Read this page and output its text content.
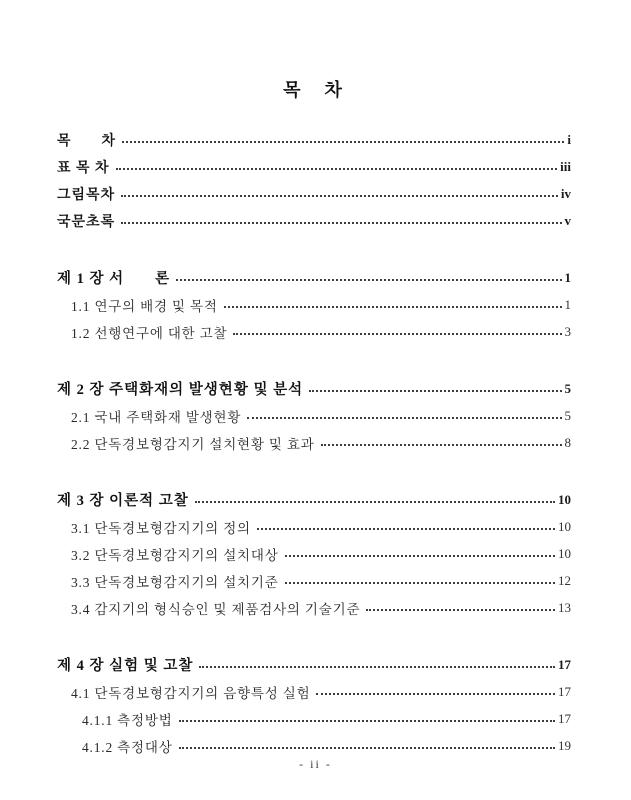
목　차
목　　차	i
표 목 차	iii
그림목차	iv
국문초록	v
제 1 장 서　　론	1
1.1 연구의 배경 및 목적	1
1.2 선행연구에 대한 고찰	3
제 2 장 주택화재의 발생현황 및 분석	5
2.1 국내 주택화재 발생현황	5
2.2 단독경보형감지기 설치현황 및 효과	8
제 3 장 이론적 고찰	10
3.1 단독경보형감지기의 정의	10
3.2 단독경보형감지기의 설치대상	10
3.3 단독경보형감지기의 설치기준	12
3.4 감지기의 형식승인 및 제품검사의 기술기준	13
제 4 장 실험 및 고찰	17
4.1 단독경보형감지기의 음향특성 실험	17
4.1.1 측정방법	17
4.1.2 측정대상	19
- ii -
